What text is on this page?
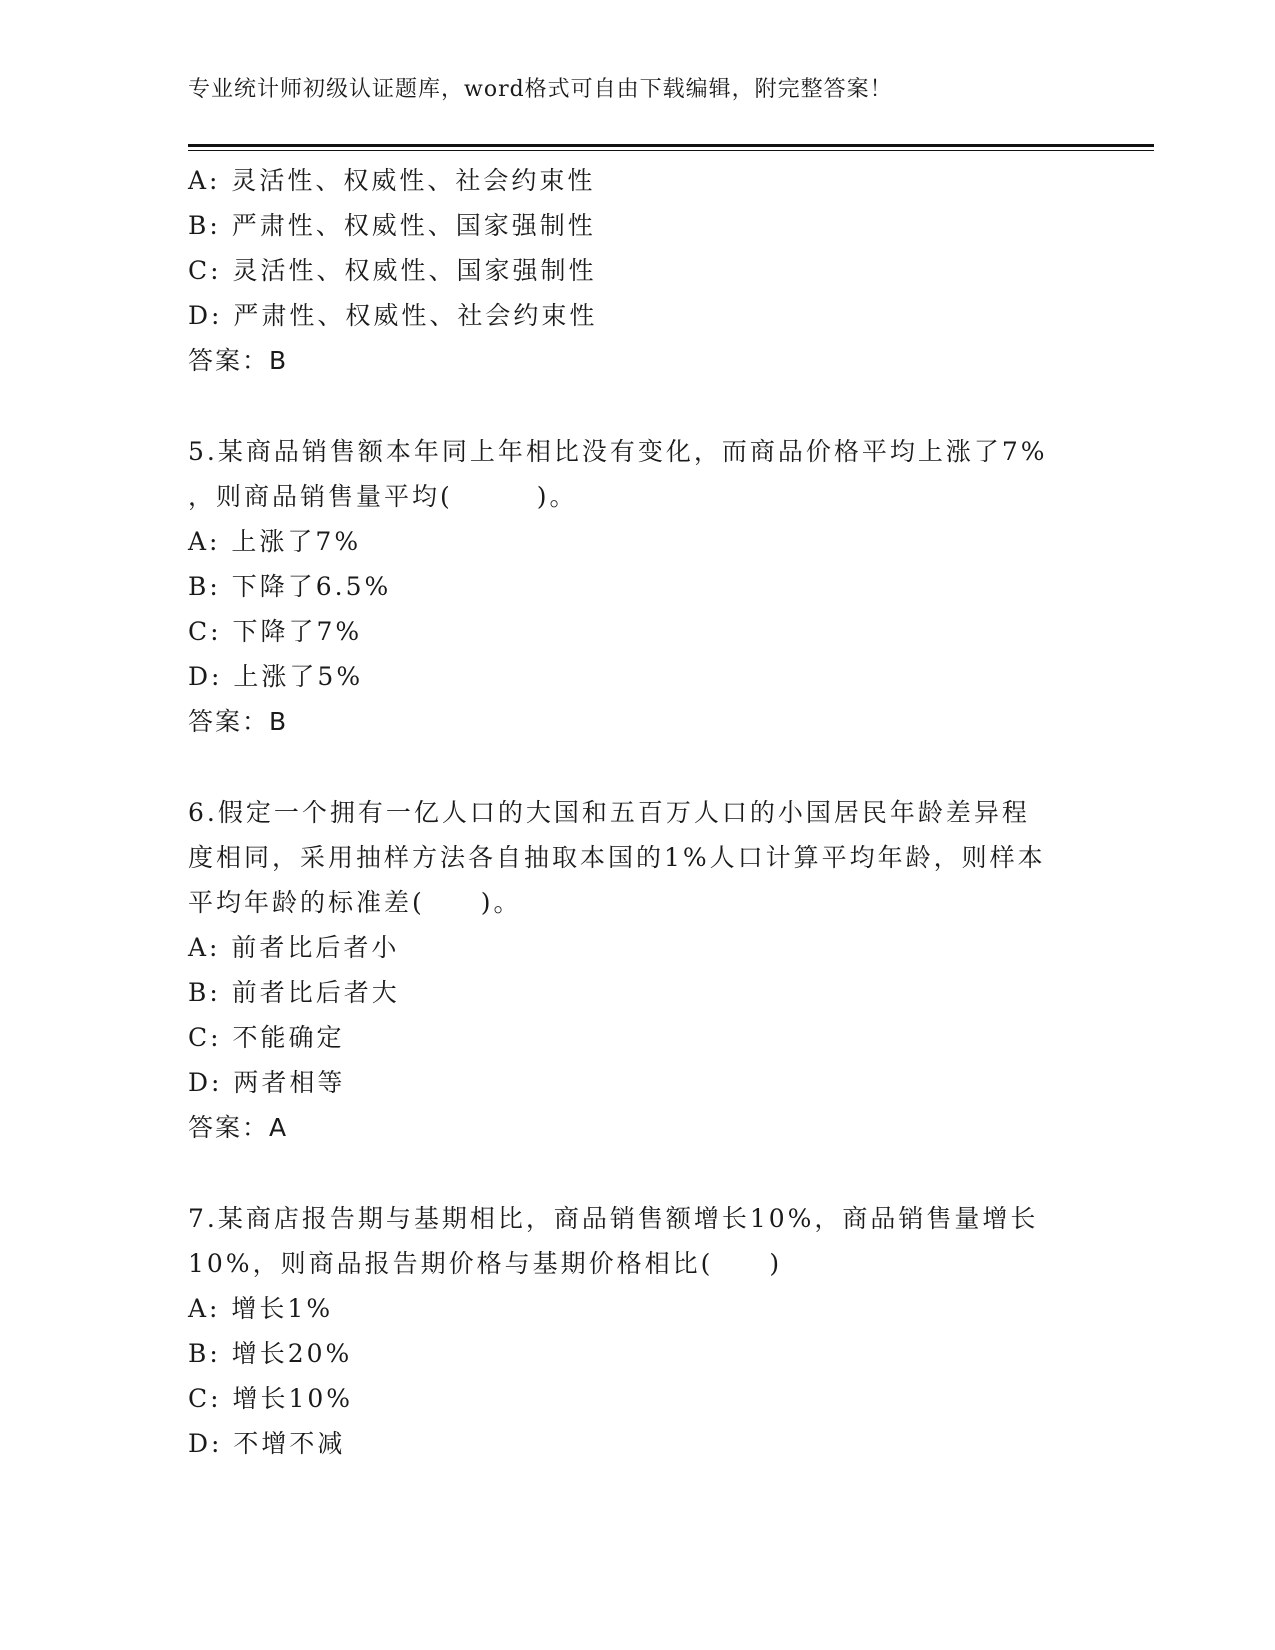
专业统计师初级认证题库，word格式可自由下载编辑，附完整答案！
A: 灵活性、权威性、社会约束性
B: 严肃性、权威性、国家强制性
C: 灵活性、权威性、国家强制性
D: 严肃性、权威性、社会约束性
答案：B
5.某商品销售额本年同上年相比没有变化，而商品价格平均上涨了7%
，则商品销售量平均(　　　)。
A: 上涨了7%
B: 下降了6.5%
C: 下降了7%
D: 上涨了5%
答案：B
6.假定一个拥有一亿人口的大国和五百万人口的小国居民年龄差异程
度相同，采用抽样方法各自抽取本国的1%人口计算平均年龄，则样本
平均年龄的标准差(　　)。
A: 前者比后者小
B: 前者比后者大
C: 不能确定
D: 两者相等
答案：A
7.某商店报告期与基期相比，商品销售额增长10%，商品销售量增长
10%，则商品报告期价格与基期价格相比(　　)
A: 增长1%
B: 增长20%
C: 增长10%
D: 不增不减
